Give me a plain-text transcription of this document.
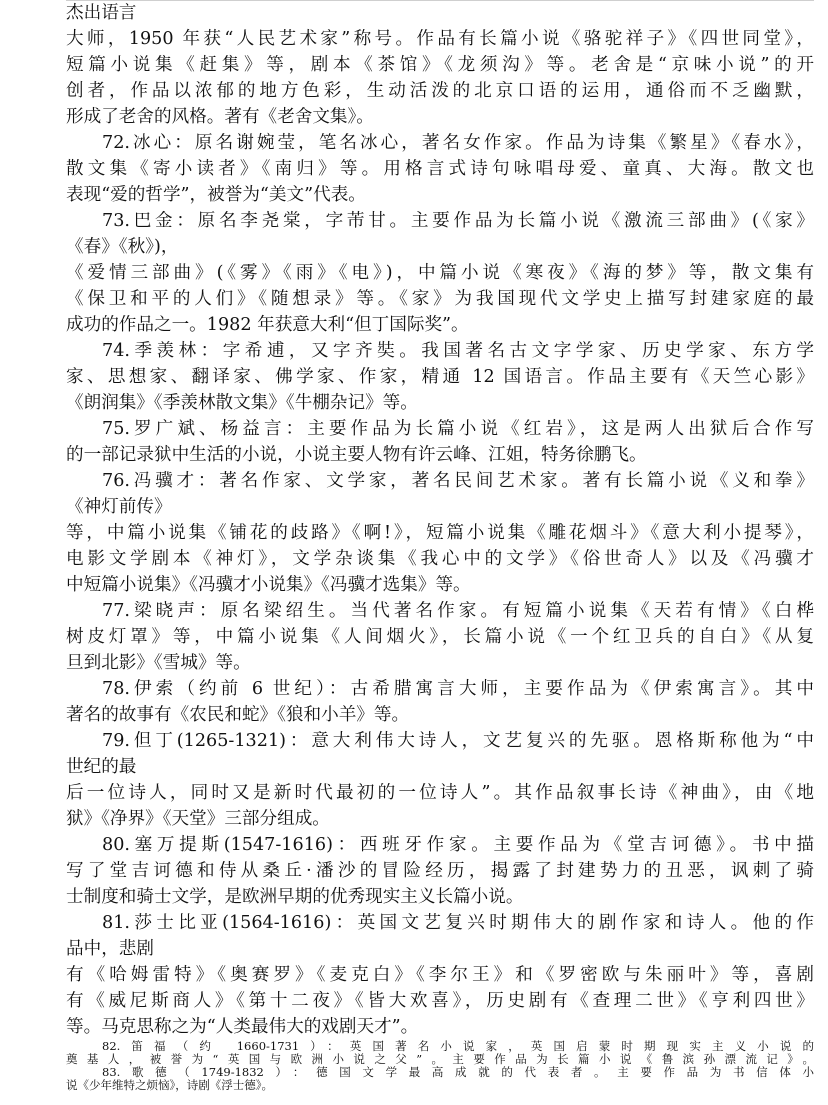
杰出语言
大师，1950 年获“人民艺术家”称号。作品有长篇小说《骆驼祥子》《四世同堂》，
短篇小说集《赶集》等，剧本《茶馆》《龙须沟》等。老舍是“京味小说”的开
创者，作品以浓郁的地方色彩，生动活泼的北京口语的运用，通俗而不乏幽默，
形成了老舍的风格。著有《老舍文集》。
72.冰心：原名谢婉莹，笔名冰心，著名女作家。作品为诗集《繁星》《春水》，
散文集《寄小读者》《南归》等。用格言式诗句咏唱母爱、童真、大海。散文也
表现“爱的哲学”，被誉为“美文”代表。
73.巴金：原名李尧棠，字芾甘。主要作品为长篇小说《激流三部曲》(《家》
《春》《秋》)，
《爱情三部曲》(《雾》《雨》《电》)，中篇小说《寒夜》《海的梦》等，散文集有
《保卫和平的人们》《随想录》等。《家》为我国现代文学史上描写封建家庭的最
成功的作品之一。1982 年获意大利“但丁国际奖”。
74.季羡林：字希逋，又字齐奘。我国著名古文字学家、历史学家、东方学
家、思想家、翻译家、佛学家、作家，精通 12 国语言。作品主要有《天竺心影》
《朗润集》《季羡林散文集》《牛棚杂记》等。
75.罗广斌、杨益言：主要作品为长篇小说《红岩》，这是两人出狱后合作写
的一部记录狱中生活的小说，小说主要人物有许云峰、江姐，特务徐鹏飞。
76.冯骥才：著名作家、文学家，著名民间艺术家。著有长篇小说《义和拳》
《神灯前传》
等，中篇小说集《铺花的歧路》《啊!》，短篇小说集《雕花烟斗》《意大利小提琴》，
电影文学剧本《神灯》，文学杂谈集《我心中的文学》《俗世奇人》以及《冯骥才
中短篇小说集》《冯骥才小说集》《冯骥才选集》等。
77.梁晓声：原名梁绍生。当代著名作家。有短篇小说集《天若有情》《白桦
树皮灯罩》等，中篇小说集《人间烟火》，长篇小说《一个红卫兵的自白》《从复
旦到北影》《雪城》等。
78.伊索（约前 6 世纪）：古希腊寓言大师，主要作品为《伊索寓言》。其中
著名的故事有《农民和蛇》《狼和小羊》等。
79.但丁(1265-1321)：意大利伟大诗人，文艺复兴的先驱。恩格斯称他为“中
世纪的最
后一位诗人，同时又是新时代最初的一位诗人”。其作品叙事长诗《神曲》，由《地
狱》《净界》《天堂》三部分组成。
80.塞万提斯(1547-1616)：西班牙作家。主要作品为《堂吉诃德》。书中描
写了堂吉诃德和侍从桑丘·潘沙的冒险经历，揭露了封建势力的丑恶，讽刺了骑
士制度和骑士文学，是欧洲早期的优秀现实主义长篇小说。
81.莎士比亚(1564-1616)：英国文艺复兴时期伟大的剧作家和诗人。他的作
品中，悲剧
有《哈姆雷特》《奥赛罗》《麦克白》《李尔王》和《罗密欧与朱丽叶》等，喜剧
有《威尼斯商人》《第十二夜》《皆大欢喜》，历史剧有《查理二世》《亨利四世》
等。马克思称之为“人类最伟大的戏剧天才”。
82.笛福（约 1660-1731）：英国著名小说家，英国启蒙时期现实主义小说的
奠基人，被誉为“英国与欧洲小说之父”。主要作品为长篇小说《鲁滨孙漂流记》。
83.歌德（1749-1832）：德国文学最高成就的代表者。主要作品为书信体小
说《少年维特之烦恼》，诗剧《浮士德》。
